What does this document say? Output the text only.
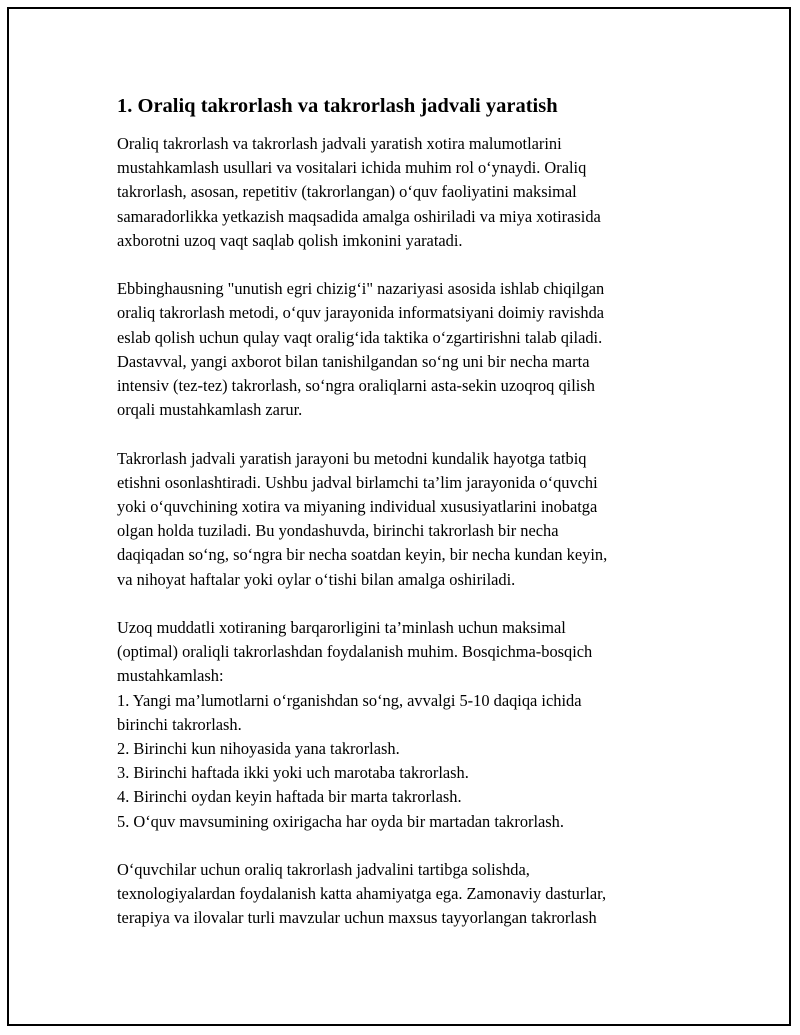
1. Oraliq takrorlash va takrorlash jadvali yaratish

Oraliq takrorlash va takrorlash jadvali yaratish xotira malumotlarini
mustahkamlash usullari va vositalari ichida muhim rol o‘ynaydi. Oraliq
takrorlash, asosan, repetitiv (takrorlangan) o‘quv faoliyatini maksimal
samaradorlikka yetkazish maqsadida amalga oshiriladi va miya xotirasida
axborotni uzoq vaqt saqlab qolish imkonini yaratadi.

Ebbinghausning "unutish egri chizig‘i" nazariyasi asosida ishlab chiqilgan
oraliq takrorlash metodi, o‘quv jarayonida informatsiyani doimiy ravishda
eslab qolish uchun qulay vaqt oralig‘ida taktika o‘zgartirishni talab qiladi.
Dastavval, yangi axborot bilan tanishilgandan so‘ng uni bir necha marta
intensiv (tez-tez) takrorlash, so‘ngra oraliqlarni asta-sekin uzoqroq qilish
orqali mustahkamlash zarur.

Takrorlash jadvali yaratish jarayoni bu metodni kundalik hayotga tatbiq
etishni osonlashtiradi. Ushbu jadval birlamchi ta’lim jarayonida o‘quvchi
yoki o‘quvchining xotira va miyaning individual xususiyatlarini inobatga
olgan holda tuziladi. Bu yondashuvda, birinchi takrorlash bir necha
daqiqadan so‘ng, so‘ngra bir necha soatdan keyin, bir necha kundan keyin,
va nihoyat haftalar yoki oylar o‘tishi bilan amalga oshiriladi.

Uzoq muddatli xotiraning barqarorligini ta’minlash uchun maksimal
(optimal) oraliqli takrorlashdan foydalanish muhim. Bosqichma-bosqich
mustahkamlash:
1. Yangi ma’lumotlarni o‘rganishdan so‘ng, avvalgi 5-10 daqiqa ichida
birinchi takrorlash.
2. Birinchi kun nihoyasida yana takrorlash.
3. Birinchi haftada ikki yoki uch marotaba takrorlash.
4. Birinchi oydan keyin haftada bir marta takrorlash.
5. O‘quv mavsumining oxirigacha har oyda bir martadan takrorlash.

O‘quvchilar uchun oraliq takrorlash jadvalini tartibga solishda,
texnologiyalardan foydalanish katta ahamiyatga ega. Zamonaviy dasturlar,
terapiya va ilovalar turli mavzular uchun maxsus tayyorlangan takrorlash
